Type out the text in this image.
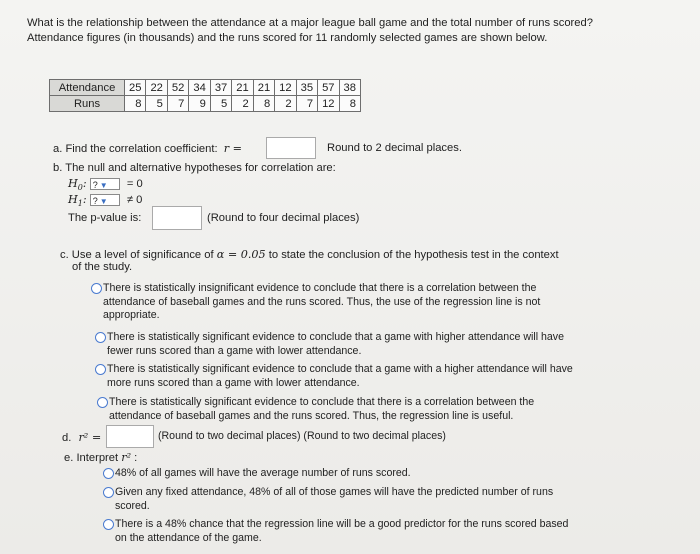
What is the relationship between the attendance at a major league ball game and the total number of runs scored? Attendance figures (in thousands) and the runs scored for 11 randomly selected games are shown below.
Attendance	25	22	52	34	37	21	21	12	35	57	38
Runs	8	5	7	9	5	2	8	2	7	12	8
a. Find the correlation coefficient: r =	Round to 2 decimal places.
b. The null and alternative hypotheses for correlation are:
$H_0$: ? ▼ = 0
$H_1$: ? ▼ ≠ 0
The p-value is:	(Round to four decimal places)
c. Use a level of significance of α = 0.05 to state the conclusion of the hypothesis test in the context
of the study.
There is statistically insignificant evidence to conclude that there is a correlation between the attendance of baseball games and the runs scored. Thus, the use of the regression line is not appropriate.
There is statistically significant evidence to conclude that a game with higher attendance will have fewer runs scored than a game with lower attendance.
There is statistically significant evidence to conclude that a game with a higher attendance will have more runs scored than a game with lower attendance.
There is statistically significant evidence to conclude that there is a correlation between the attendance of baseball games and the runs scored. Thus, the regression line is useful.
d. r² =	(Round to two decimal places) (Round to two decimal places)
e. Interpret r² :
48% of all games will have the average number of runs scored.
Given any fixed attendance, 48% of all of those games will have the predicted number of runs scored.
There is a 48% chance that the regression line will be a good predictor for the runs scored based on the attendance of the game.
